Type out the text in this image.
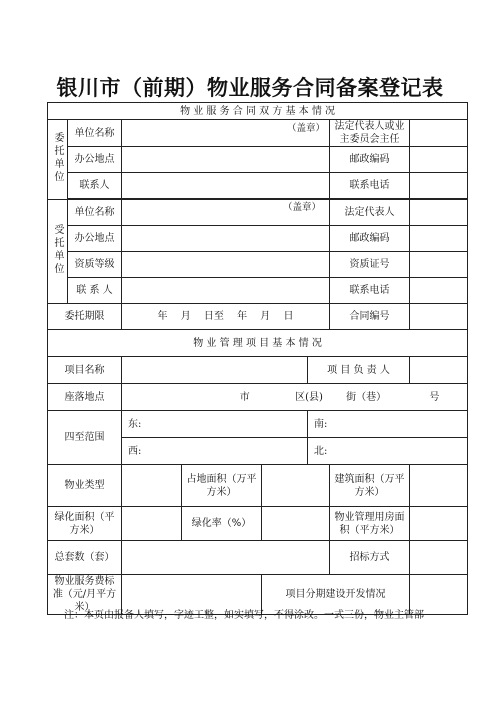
银川市（前期）物业服务合同备案登记表
物 业 服 务 合 同 双 方 基 本 情 况							
委托单位	单位名称	（盖章）				法定代表人或业主委员会主任	
	办公地点					邮政编码	
	联系人					联系电话	

受托单位	单位名称	（盖章）				法定代表人	
	办公地点					邮政编码	
	资质等级					资质证号	
	联 系 人					联系电话	
委托期限		年　 月　 日至　 年　 月　 日				合同编号	
物 业 管 理 项 目 基 本 情 况							
项目名称					项 目 负 责 人		
座落地点		市 区(县) 街（巷） 号					
四至范围		东:			南:		
		西:			北:		
物业类型			占地面积（万平方米）			建筑面积（万平方米）	
绿化面积（平方米）			绿化率（%）			物业管理用房面积（平方米）	
总套数（套）						招标方式	
物业服务费标准（元/月平方米）				项目分期建设开发情况			
注：本页由报备人填写，字迹工整，如实填写，不得涂改。一式三份，物业主管部
